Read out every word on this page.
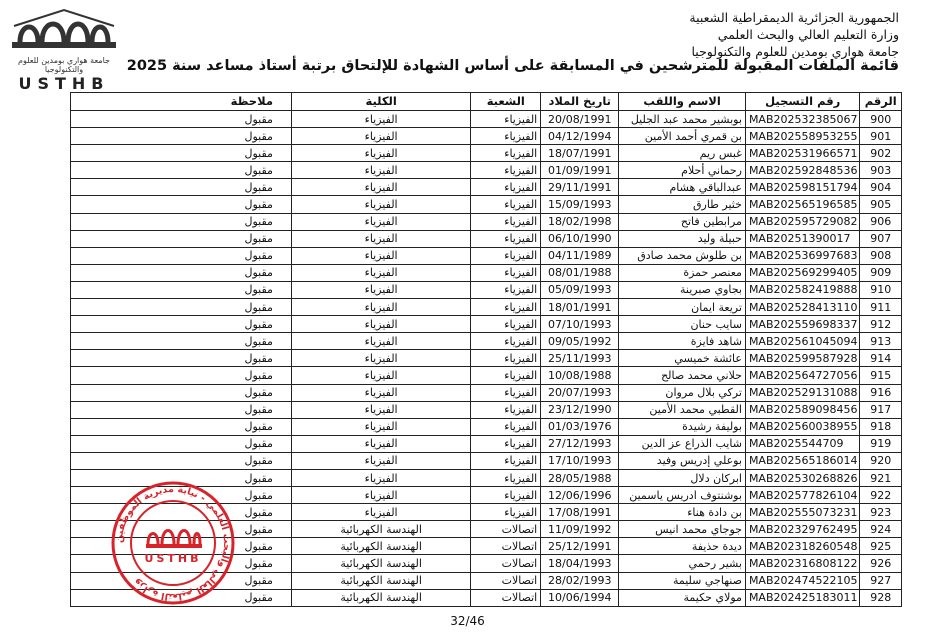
جامعة هواري بومدين للعلوم والتكنولوجيا
USTHB
الجمهورية الجزائرية الديمقراطية الشعبية
وزارة التعليم العالي والبحث العلمي
جامعة هواري بومدين للعلوم والتكنولوجيا
قائمة الملفات المقبولة للمترشحين في المسابقة على أساس الشهادة للإلتحاق برتبة أستاذ مساعد سنة 2025
الرقم	رقم التسجيل	الاسم واللقب	تاريخ الملاد	الشعبة	الكلية	ملاحظة
900	MAB202532385067	بوبشير محمد عبد الجليل	20/08/1991	الفيزياء	الفيزياء	مقبول
901	MAB202558953255	بن قمري أحمد الأمين	04/12/1994	الفيزياء	الفيزياء	مقبول
902	MAB202531966571	غبس ريم	18/07/1991	الفيزياء	الفيزياء	مقبول
903	MAB202592848536	رحماني أحلام	01/09/1991	الفيزياء	الفيزياء	مقبول
904	MAB202598151794	عبدالباقي هشام	29/11/1991	الفيزياء	الفيزياء	مقبول
905	MAB202565196585	خثير طارق	15/09/1993	الفيزياء	الفيزياء	مقبول
906	MAB202595729082	مرابطين فاتح	18/02/1998	الفيزياء	الفيزياء	مقبول
907	MAB20251390017	حبيلة وليد	06/10/1990	الفيزياء	الفيزياء	مقبول
908	MAB202536997683	بن طلوش محمد صادق	04/11/1989	الفيزياء	الفيزياء	مقبول
909	MAB202569299405	معنصر حمزة	08/01/1988	الفيزياء	الفيزياء	مقبول
910	MAB202582419888	بجاوي صبرينة	05/09/1993	الفيزياء	الفيزياء	مقبول
911	MAB202528413110	تريعة ايمان	18/01/1991	الفيزياء	الفيزياء	مقبول
912	MAB202559698337	سايب حنان	07/10/1993	الفيزياء	الفيزياء	مقبول
913	MAB202561045094	شاهد فايزة	09/05/1992	الفيزياء	الفيزياء	مقبول
914	MAB202599587928	عائشة خميسي	25/11/1993	الفيزياء	الفيزياء	مقبول
915	MAB202564727056	حلاني محمد صالح	10/08/1988	الفيزياء	الفيزياء	مقبول
916	MAB202529131088	تركي بلال مروان	20/07/1993	الفيزياء	الفيزياء	مقبول
917	MAB202589098456	القطبي محمد الأمين	23/12/1990	الفيزياء	الفيزياء	مقبول
918	MAB202560038955	بوليفة رشيدة	01/03/1976	الفيزياء	الفيزياء	مقبول
919	MAB2025544709	شايب الذراع عز الدين	27/12/1993	الفيزياء	الفيزياء	مقبول
920	MAB202565186014	بوعلي إدريس وفيد	17/10/1993	الفيزياء	الفيزياء	مقبول
921	MAB202530268826	ابركان دلال	28/05/1988	الفيزياء	الفيزياء	مقبول
922	MAB202577826104	بوشنتوف ادريس ياسمين	12/06/1996	الفيزياء	الفيزياء	مقبول
923	MAB202555073231	بن دادة هناء	17/08/1991	الفيزياء	الفيزياء	مقبول
924	MAB202329762495	جوجاي محمد انيس	11/09/1992	اتصالات	الهندسة الكهربائية	مقبول
925	MAB202318260548	ديدة حذيفة	25/12/1991	اتصالات	الهندسة الكهربائية	مقبول
926	MAB202316808122	بشير رحمي	18/04/1993	اتصالات	الهندسة الكهربائية	مقبول
927	MAB202474522105	صنهاجي سليمة	28/02/1993	اتصالات	الهندسة الكهربائية	مقبول
928	MAB202425183011	مولاي حكيمة	10/06/1994	اتصالات	الهندسة الكهربائية	مقبول
USTHB
وزارة التعليم العالي والبحث العلمي - نيابة مديرية الموظفين
32/46
